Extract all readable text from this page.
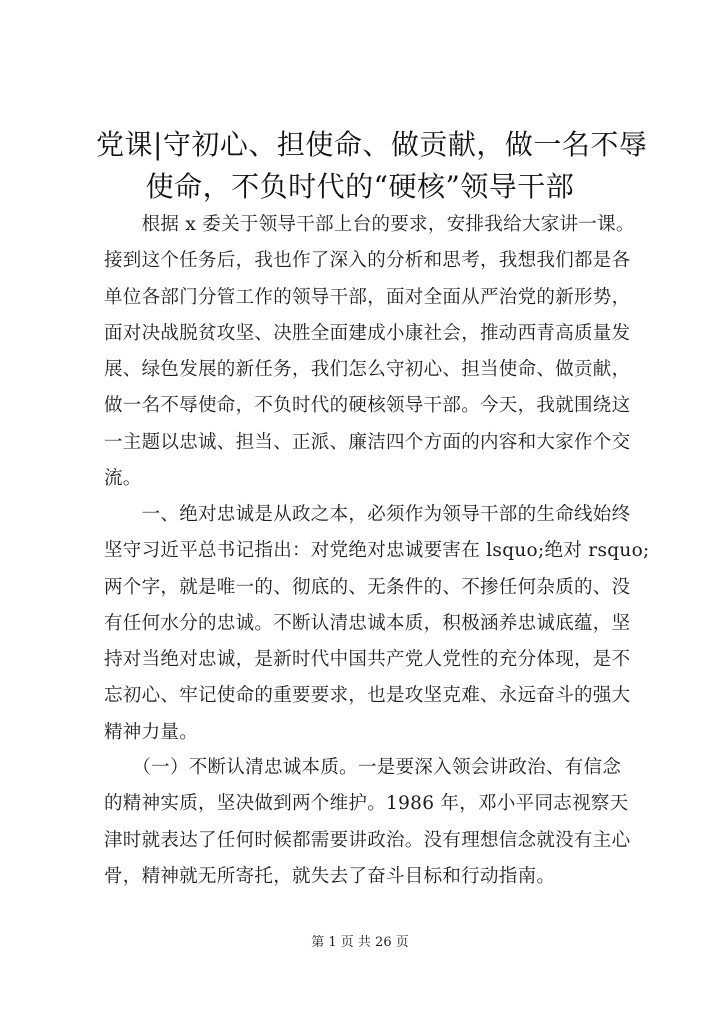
党课|守初心、担使命、做贡献，做一名不辱
使命，不负时代的“硬核”领导干部
　　根据 x 委关于领导干部上台的要求，安排我给大家讲一课。
接到这个任务后，我也作了深入的分析和思考，我想我们都是各
单位各部门分管工作的领导干部，面对全面从严治党的新形势，
面对决战脱贫攻坚、决胜全面建成小康社会，推动西青高质量发
展、绿色发展的新任务，我们怎么守初心、担当使命、做贡献，
做一名不辱使命，不负时代的硬核领导干部。今天，我就围绕这
一主题以忠诚、担当、正派、廉洁四个方面的内容和大家作个交
流。
　　一、绝对忠诚是从政之本，必须作为领导干部的生命线始终
坚守习近平总书记指出：对党绝对忠诚要害在 lsquo;绝对 rsquo;
两个字，就是唯一的、彻底的、无条件的、不掺任何杂质的、没
有任何水分的忠诚。不断认清忠诚本质，积极涵养忠诚底蕴，坚
持对当绝对忠诚，是新时代中国共产党人党性的充分体现，是不
忘初心、牢记使命的重要要求，也是攻坚克难、永远奋斗的强大
精神力量。
　　（一）不断认清忠诚本质。一是要深入领会讲政治、有信念
的精神实质，坚决做到两个维护。1986 年，邓小平同志视察天
津时就表达了任何时候都需要讲政治。没有理想信念就没有主心
骨，精神就无所寄托，就失去了奋斗目标和行动指南。
第 1 页 共 26 页
